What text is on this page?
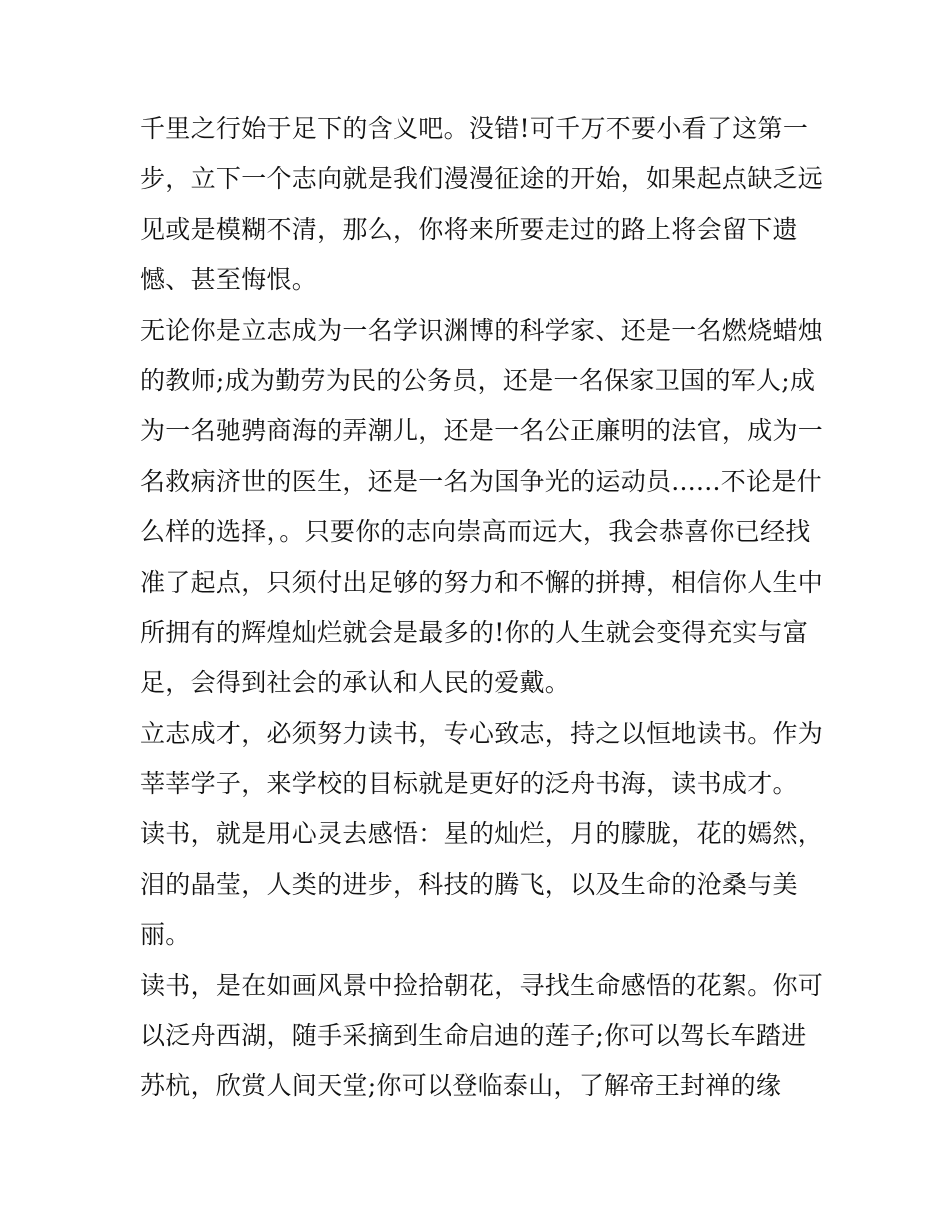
千里之行始于足下的含义吧。没错!可千万不要小看了这第一
步，立下一个志向就是我们漫漫征途的开始，如果起点缺乏远
见或是模糊不清，那么，你将来所要走过的路上将会留下遗
憾、甚至悔恨。
无论你是立志成为一名学识渊博的科学家、还是一名燃烧蜡烛
的教师;成为勤劳为民的公务员，还是一名保家卫国的军人;成
为一名驰骋商海的弄潮儿，还是一名公正廉明的法官，成为一
名救病济世的医生，还是一名为国争光的运动员......不论是什
么样的选择，。只要你的志向崇高而远大，我会恭喜你已经找
准了起点，只须付出足够的努力和不懈的拼搏，相信你人生中
所拥有的辉煌灿烂就会是最多的!你的人生就会变得充实与富
足，会得到社会的承认和人民的爱戴。
立志成才，必须努力读书，专心致志，持之以恒地读书。作为
莘莘学子，来学校的目标就是更好的泛舟书海，读书成才。
读书，就是用心灵去感悟：星的灿烂，月的朦胧，花的嫣然，
泪的晶莹，人类的进步，科技的腾飞，以及生命的沧桑与美
丽。
读书，是在如画风景中捡拾朝花，寻找生命感悟的花絮。你可
以泛舟西湖，随手采摘到生命启迪的莲子;你可以驾长车踏进
苏杭，欣赏人间天堂;你可以登临泰山，了解帝王封禅的缘
